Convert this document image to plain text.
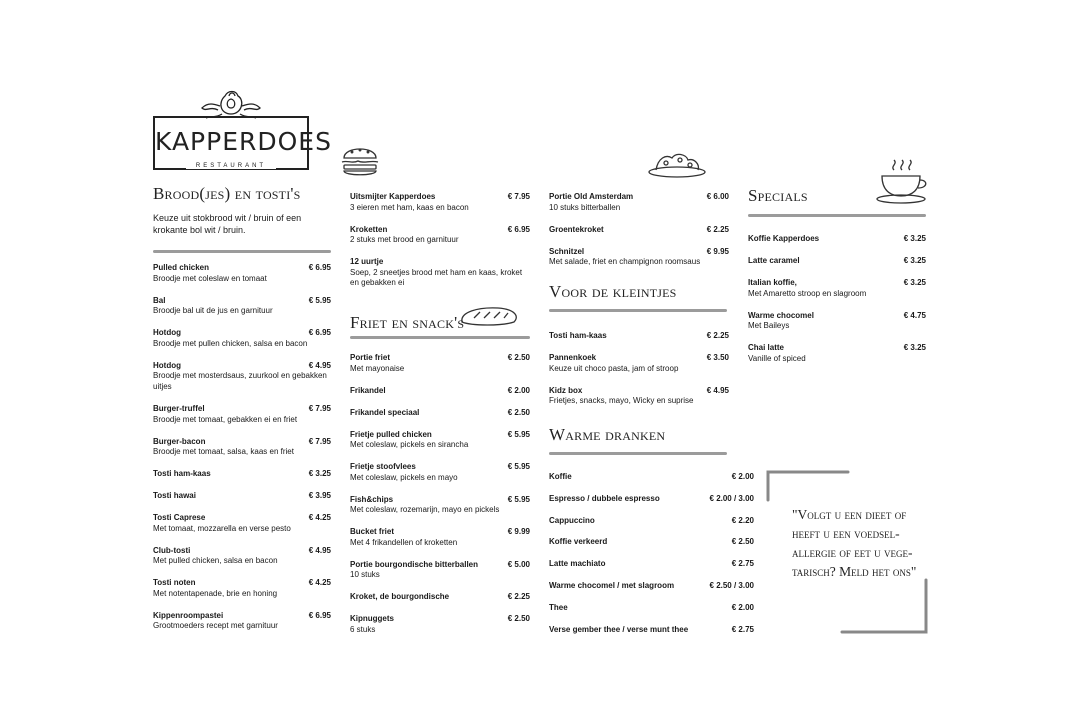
KAPPERDOES
RESTAURANT
Brood(jes) en tosti's
Keuze uit stokbrood wit / bruin of een krokante bol wit / bruin.
Pulled chicken	€ 6.95
Broodje met coleslaw en tomaat
Bal	€ 5.95
Broodje bal uit de jus en garnituur
Hotdog	€ 6.95
Broodje met pullen chicken, salsa en bacon
Hotdog	€ 4.95
Broodje met mosterdsaus, zuurkool en gebakken uitjes
Burger-truffel	€ 7.95
Broodje met tomaat, gebakken ei en friet
Burger-bacon	€ 7.95
Broodje met tomaat, salsa, kaas en friet
Tosti ham-kaas	€ 3.25
Tosti hawai	€ 3.95
Tosti Caprese	€ 4.25
Met tomaat, mozzarella en verse pesto
Club-tosti	€ 4.95
Met pulled chicken, salsa en bacon
Tosti noten	€ 4.25
Met notentapenade, brie en honing
Kippenroompastei	€ 6.95
Grootmoeders recept met garnituur
Uitsmijter Kapperdoes	€ 7.95
3 eieren met ham, kaas en bacon
Kroketten	€ 6.95
2 stuks met brood en garnituur
12 uurtje
Soep, 2 sneetjes brood met ham en kaas, kroket en gebakken ei
Friet en snack's
Portie friet	€ 2.50
Met mayonaise
Frikandel	€ 2.00
Frikandel speciaal	€ 2.50
Frietje pulled chicken	€ 5.95
Met coleslaw, pickels en sirancha
Frietje stoofvlees	€ 5.95
Met coleslaw, pickels en mayo
Fish&chips	€ 5.95
Met coleslaw, rozemarijn, mayo en pickels
Bucket friet	€ 9.99
Met 4 frikandellen of kroketten
Portie bourgondische bitterballen	€ 5.00
10 stuks
Kroket, de bourgondische	€ 2.25
Kipnuggets	€ 2.50
6 stuks
Portie Old Amsterdam	€ 6.00
10 stuks bitterballen
Groentekroket	€ 2.25
Schnitzel	€ 9.95
Met salade, friet en champignon roomsaus
Voor de kleintjes
Tosti ham-kaas	€ 2.25
Pannenkoek	€ 3.50
Keuze uit choco pasta, jam of stroop
Kidz box	€ 4.95
Frietjes, snacks, mayo, Wicky en suprise
Warme dranken
Koffie	€ 2.00
Espresso / dubbele espresso	€ 2.00 / 3.00
Cappuccino	€ 2.20
Koffie verkeerd	€ 2.50
Latte machiato	€ 2.75
Warme chocomel / met slagroom	€ 2.50 / 3.00
Thee	€ 2.00
Verse gember thee / verse munt thee	€ 2.75
Specials
Koffie Kapperdoes	€ 3.25
Latte caramel	€ 3.25
Italian koffie,	€ 3.25
Met Amaretto stroop en slagroom
Warme chocomel	€ 4.75
Met Baileys
Chai latte	€ 3.25
Vanille of spiced
"Volgt u een dieet of heeft u een voedsel-allergie of eet u vege-tarisch? Meld het ons"
